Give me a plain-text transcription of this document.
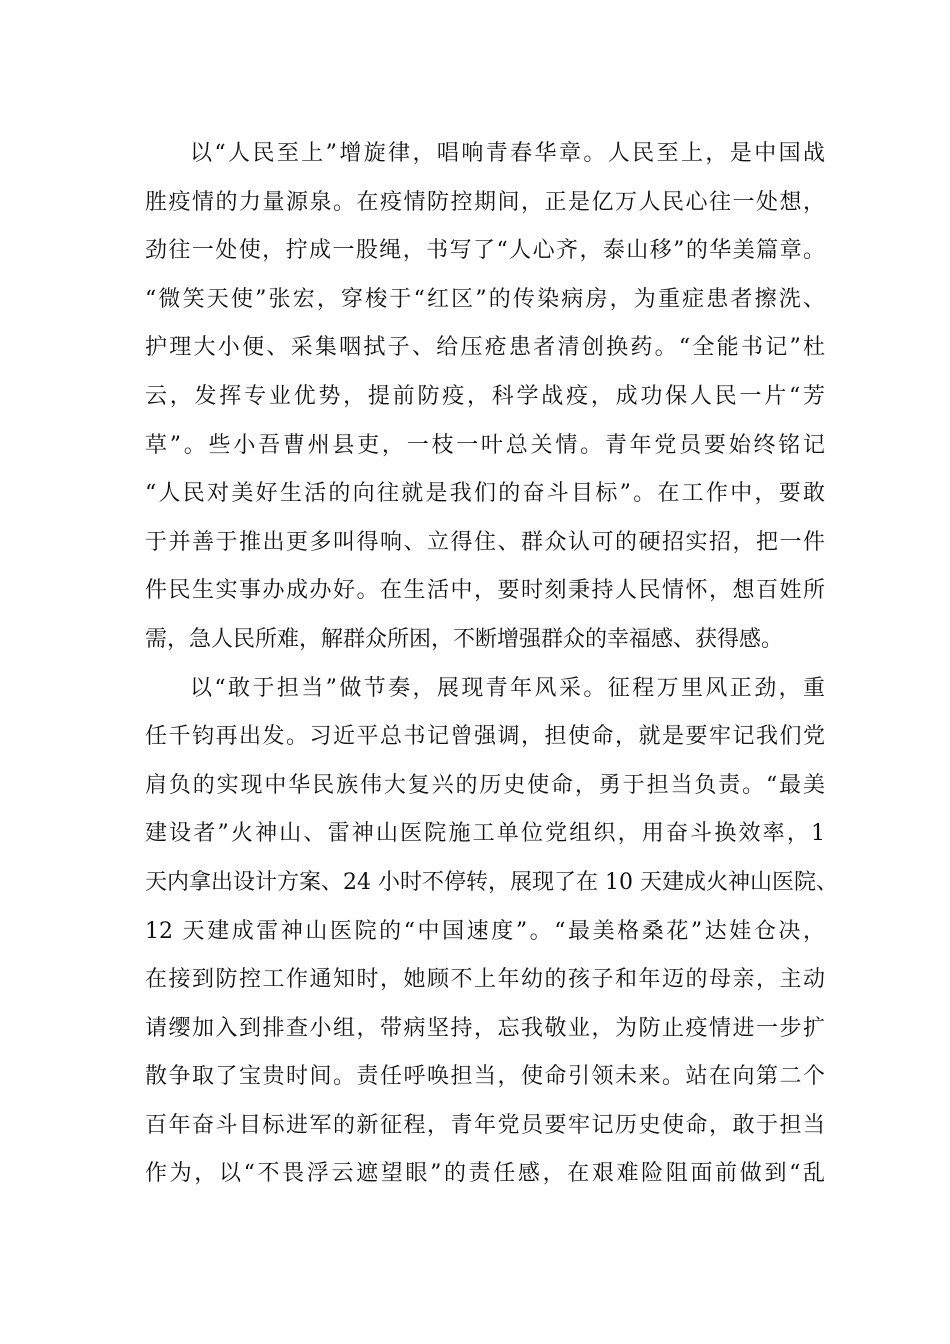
以“人民至上”增旋律，唱响青春华章。人民至上，是中国战
胜疫情的力量源泉。在疫情防控期间，正是亿万人民心往一处想，
劲往一处使，拧成一股绳，书写了“人心齐，泰山移”的华美篇章。
“微笑天使”张宏，穿梭于“红区”的传染病房，为重症患者擦洗、
护理大小便、采集咽拭子、给压疮患者清创换药。“全能书记”杜
云，发挥专业优势，提前防疫，科学战疫，成功保人民一片“芳
草”。些小吾曹州县吏，一枝一叶总关情。青年党员要始终铭记
“人民对美好生活的向往就是我们的奋斗目标”。在工作中，要敢
于并善于推出更多叫得响、立得住、群众认可的硬招实招，把一件
件民生实事办成办好。在生活中，要时刻秉持人民情怀，想百姓所
需，急人民所难，解群众所困，不断增强群众的幸福感、获得感。
以“敢于担当”做节奏，展现青年风采。征程万里风正劲，重
任千钧再出发。习近平总书记曾强调，担使命，就是要牢记我们党
肩负的实现中华民族伟大复兴的历史使命，勇于担当负责。“最美
建设者”火神山、雷神山医院施工单位党组织，用奋斗换效率，1
天内拿出设计方案、24 小时不停转，展现了在 10 天建成火神山医院、
12 天建成雷神山医院的“中国速度”。“最美格桑花”达娃仓决，
在接到防控工作通知时，她顾不上年幼的孩子和年迈的母亲，主动
请缨加入到排查小组，带病坚持，忘我敬业，为防止疫情进一步扩
散争取了宝贵时间。责任呼唤担当，使命引领未来。站在向第二个
百年奋斗目标进军的新征程，青年党员要牢记历史使命，敢于担当
作为，以“不畏浮云遮望眼”的责任感，在艰难险阻面前做到“乱
